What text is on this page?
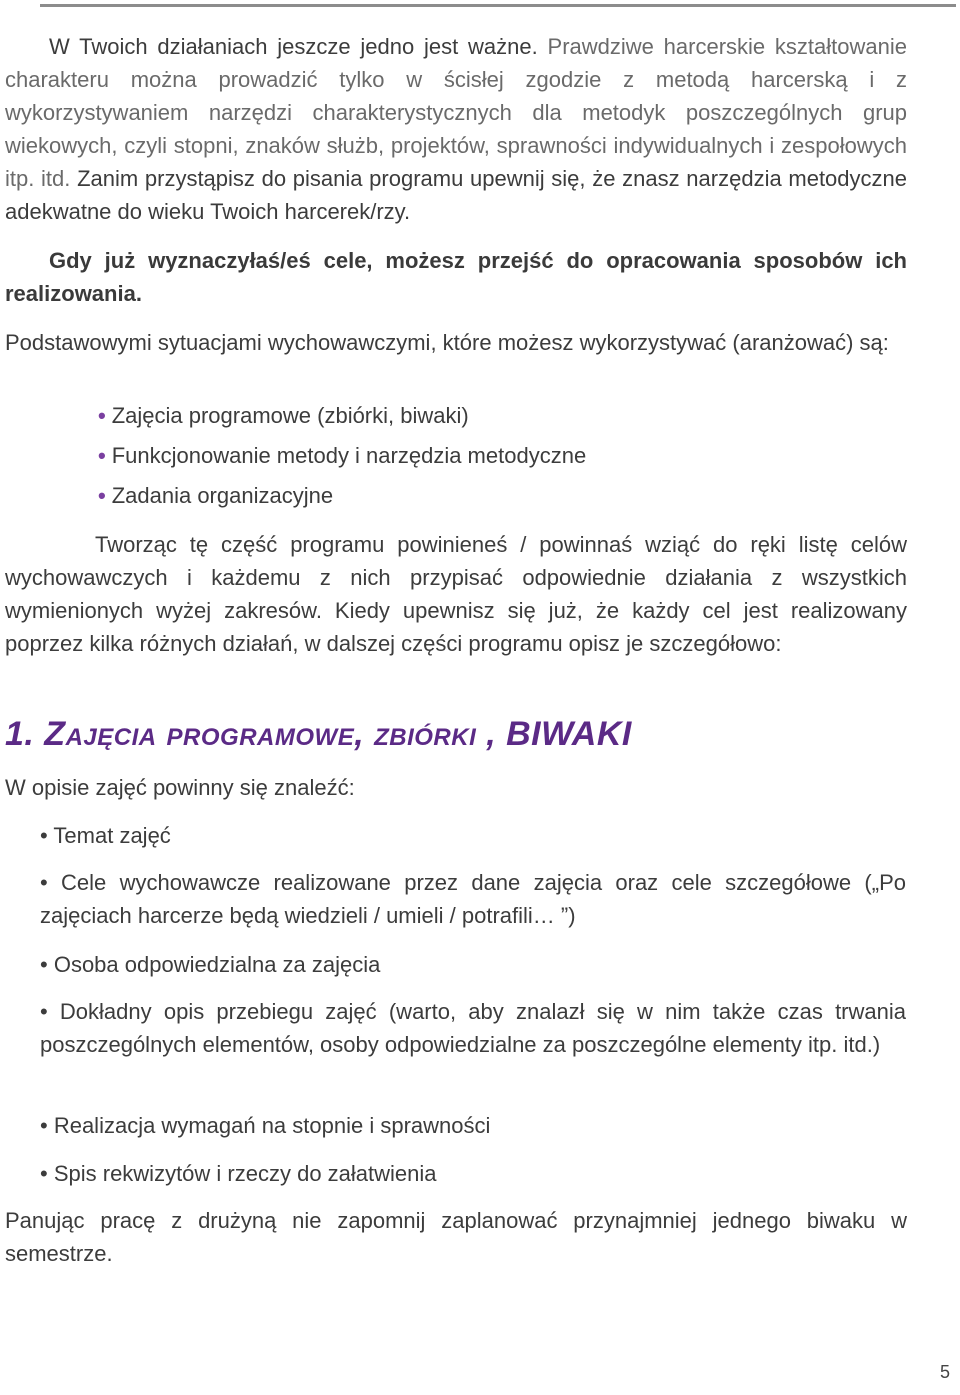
W Twoich działaniach jeszcze jedno jest ważne. Prawdziwe harcerskie kształtowanie charakteru można prowadzić tylko w ścisłej zgodzie z metodą harcerską i z wykorzystywaniem narzędzi charakterystycznych dla metodyk poszczególnych grup wiekowych, czyli stopni, znaków służb, projektów, sprawności indywidualnych i zespołowych itp. itd. Zanim przystąpisz do pisania programu upewnij się, że znasz narzędzia metodyczne adekwatne do wieku Twoich harcerek/rzy.

Gdy już wyznaczyłaś/eś cele, możesz przejść do opracowania sposobów ich realizowania.

Podstawowymi sytuacjami wychowawczymi, które możesz wykorzystywać (aranżować) są:

• Zajęcia programowe (zbiórki, biwaki)

• Funkcjonowanie metody i narzędzia metodyczne

• Zadania organizacyjne

Tworząc tę część programu powinieneś / powinnaś wziąć do ręki listę celów wychowawczych i każdemu z nich przypisać odpowiednie działania z wszystkich wymienionych wyżej zakresów. Kiedy upewnisz się już, że każdy cel jest realizowany poprzez kilka różnych działań, w dalszej części programu opisz je szczegółowo:

1. Zajęcia programowe, zbiórki , BIWAKI

W opisie zajęć powinny się znaleźć:

• Temat zajęć

• Cele wychowawcze realizowane przez dane zajęcia oraz cele szczegółowe („Po zajęciach harcerze będą wiedzieli / umieli / potrafili… ”)

• Osoba odpowiedzialna za zajęcia

• Dokładny opis przebiegu zajęć (warto, aby znalazł się w nim także czas trwania poszczególnych elementów, osoby odpowiedzialne za poszczególne elementy itp. itd.)

• Realizacja wymagań na stopnie i sprawności

• Spis rekwizytów i rzeczy do załatwienia

Panując pracę z drużyną nie zapomnij zaplanować przynajmniej jednego biwaku w semestrze.

5
